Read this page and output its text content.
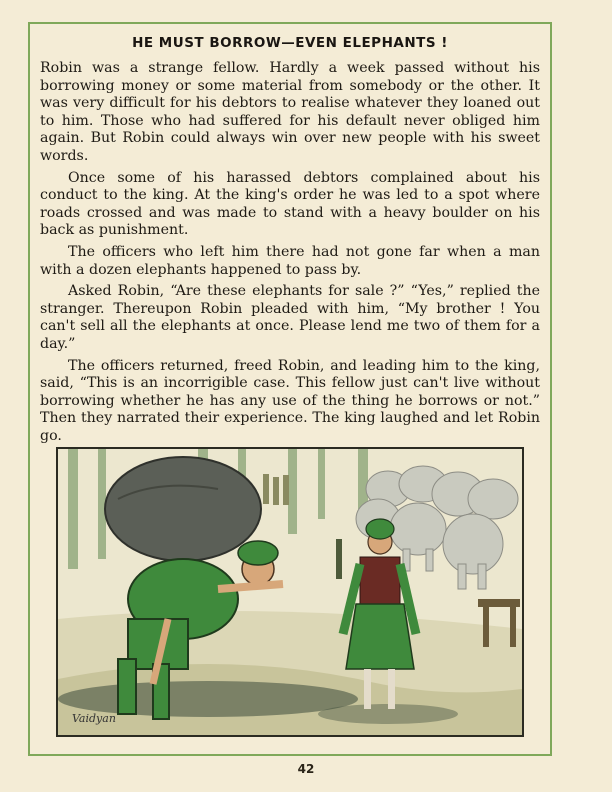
HE MUST BORROW—EVEN ELEPHANTS !

Robin was a strange fellow. Hardly a week passed without his borrowing money or some material from somebody or the other. It was very difficult for his debtors to realise whatever they loaned out to him. Those who had suffered for his default never obliged him again. But Robin could always win over new people with his sweet words.

Once some of his harassed debtors complained about his conduct to the king. At the king's order he was led to a spot where roads crossed and was made to stand with a heavy boulder on his back as punishment.

The officers who left him there had not gone far when a man with a dozen elephants happened to pass by.

Asked Robin, “Are these elephants for sale ?” “Yes,” replied the stranger. Thereupon Robin pleaded with him, “My brother ! You can't sell all the elephants at once. Please lend me two of them for a day.”

The officers returned, freed Robin, and leading him to the king, said, “This is an incorrigible case. This fellow just can't live without borrowing whether he has any use of the thing he borrows or not.” Then they narrated their experience. The king laughed and let Robin go.

Vaidyan
42
